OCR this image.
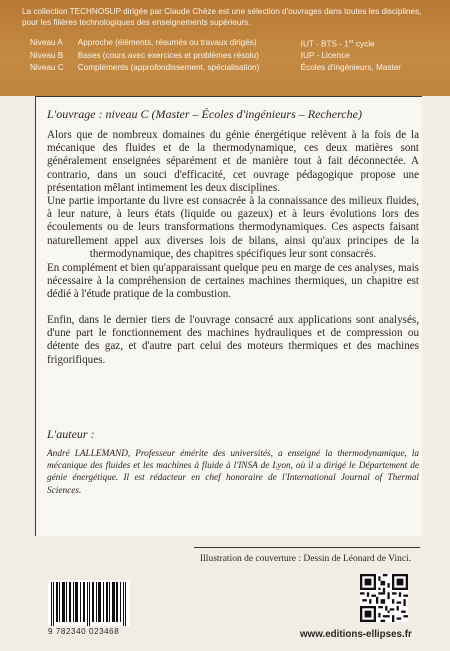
La collection TECHNOSUP dirigée par Claude Chèze est une sélection d'ouvrages dans toutes les disciplines,
pour les filières technologiques des enseignements supérieurs.
Niveau A	Approche (éléments, résumés ou travaux dirigés)	IUT - BTS - 1er cycle
Niveau B	Bases (cours avec exercices et problèmes résolu)	IUP - Licence
Niveau C	Compléments (approfondissement, spécialisation)	Écoles d'ingénieurs, Master
L'ouvrage : niveau C (Master – Écoles d'ingénieurs – Recherche)
Alors que de nombreux domaines du génie énergétique relèvent à la fois de la mécanique des fluides et de la thermodynamique, ces deux matières sont généralement enseignées séparément et de manière tout à fait déconnectée. A contrario, dans un souci d'efficacité, cet ouvrage pédagogique propose une présentation mêlant intimement les deux disciplines.
Une partie importante du livre est consacrée à la connaissance des milieux fluides, à leur nature, à leurs états (liquide ou gazeux) et à leurs évolutions lors des écoulements ou de leurs transformations thermodynamiques. Ces aspects faisant naturellement appel aux diverses lois de bilans, ainsi qu'aux principes de la thermodynamique, des chapitres spécifiques leur sont consacrés.
En complément et bien qu'apparaissant quelque peu en marge de ces analyses, mais nécessaire à la compréhension de certaines machines thermiques, un chapitre est dédié à l'étude pratique de la combustion.
Enfin, dans le dernier tiers de l'ouvrage consacré aux applications sont analysés, d'une part le fonctionnement des machines hydrauliques et de compression ou détente des gaz, et d'autre part celui des moteurs thermiques et des machines frigorifiques.
L'auteur :
André LALLEMAND, Professeur émérite des universités, a enseigné la thermodynamique, la mécanique des fluides et les machines à fluide à l'INSA de Lyon, où il a dirigé le Département de génie énergétique. Il est rédacteur en chef honoraire de l'International Journal of Thermal Sciences.
Illustration de couverture : Dessin de Léonard de Vinci.
9 782340 023468	www.editions-ellipses.fr
